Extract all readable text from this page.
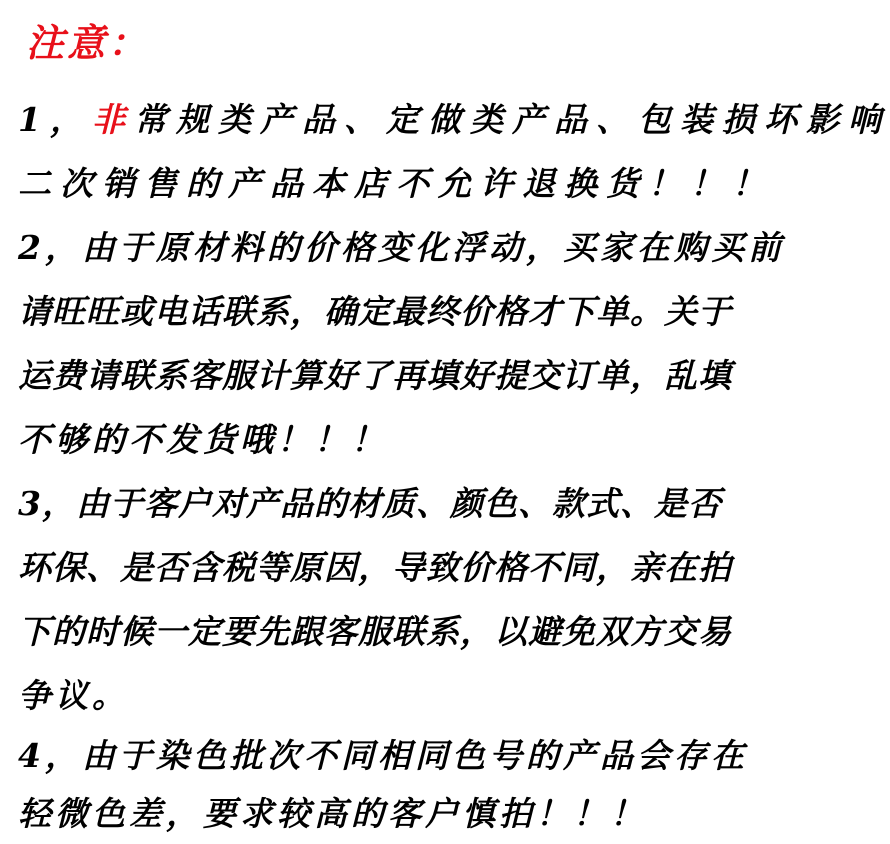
注意：
1，非常规类产品、定做类产品、包装损坏影响
二次销售的产品本店不允许退换货！！！
2，由于原材料的价格变化浮动，买家在购买前
请旺旺或电话联系，确定最终价格才下单。关于
运费请联系客服计算好了再填好提交订单，乱填
不够的不发货哦！！！
3，由于客户对产品的材质、颜色、款式、是否
环保、是否含税等原因，导致价格不同，亲在拍
下的时候一定要先跟客服联系，以避免双方交易
争议。
4，由于染色批次不同相同色号的产品会存在
轻微色差，要求较高的客户慎拍！！！
